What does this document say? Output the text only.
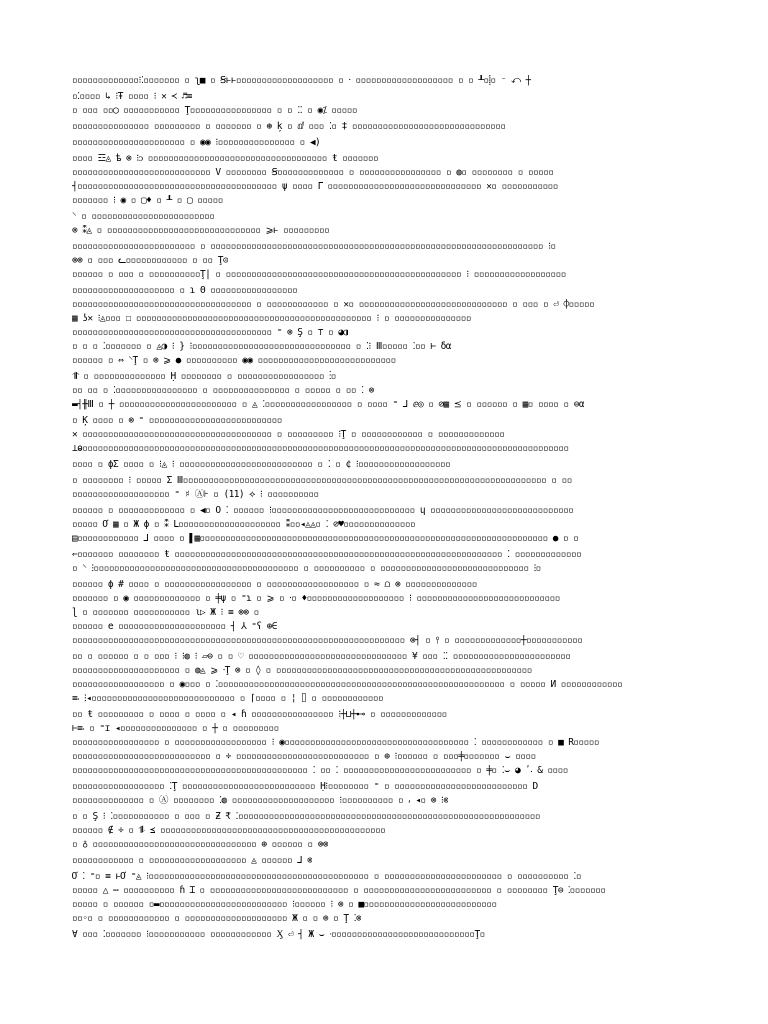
▫▫▫▫▫▫▫▫▫▫▫▫▫⁝⁚▫▫▫▫▫▫▫ ▫ ʅ■ ▫ Ꞩⱶⱶ▫▫▫▫▫▫▫▫▫▫▫▫▫▫▫▫▫▫▫ ▫ ⸱ ▫▫▫▫▫▫▫▫▫▫▫▫▫▫▫▫▫▫▫ ▫ ▫ ┸▫⸽▫ ⁻ ⤺ ┼
▫⁚▫▫▫▫ ↳ ⁝Ŧ ▫▫▫▫ ⁝ ✕ ≺ ♬≡
▫ ▫▫▫ ▫▫◯ ▫▫▫▫▫▫▫▫▫▫▫ Ţ▫▫▫▫▫▫▫▫▫▫▫▫▫▫▫▫ ▫ ▫ ⁚⁚ ▫ ◉⁒ ▫▫▫▫▫
▫▫▫▫▫▫▫▫▫▫▫▫▫▫▫ ▫▫▫▫▫▫▫▫▫ ▫ ▫▫▫▫▫▫▫ ▫ ⊛ ķ ▫ ⅆ ▫▫▫ ⁚▫ ‡ ▫▫▫▫▫▫▫▫▫▫▫▫▫▫▫▫▫▫▫▫▫▫▫▫▫▫▫▫▫▫
▫▫▫▫▫▫▫▫▫▫▫▫▫▫▫▫▫▫▫▫▫▫ ▫ ◉◉ ⁝▫▫▫▫▫▫▫▫▫▫▫▫▫▫▫ ▫ ◀)
▫▫▫▫ ☲◬ ѣ ⊗ ⁝ᴐ ▫▫▫▫▫▫▫▫▫▫▫▫▫▫▫▫▫▫▫▫▫▫▫▫▫▫▫▫▫▫▫▫▫▫▫ ŧ ▫▫▫▫▫▫▫
▫▫▫▫▫▫▫▫▫▫▫▫▫▫▫▫▫▫▫▫▫▫▫▫▫▫▫ V ▫▫▫▫▫▫▫▫ Ꞩ▫▫▫▫▫▫▫▫▫▫▫▫▫ ▫ ▫▫▫▫▫▫▫▫▫▫▫▫▫▫▫▫ ▫ ◍▫ ▫▫▫▫▫▫▫▫ ▫ ▫▫▫▫▫
┤▫▫▫▫▫▫▫▫▫▫▫▫▫▫▫▫▫▫▫▫▫▫▫▫▫▫▫▫▫▫▫▫▫▫▫▫▫▫▫ ψ ▫▫▫▫ ᒥ ▫▫▫▫▫▫▫▫▫▫▫▫▫▫▫▫▫▫▫▫▫▫▫▫▫▫▫▫▫▫ ✕▫ ▫▫▫▫▫▫▫▫▫▫▫
▫▫▫▫▫▫▫ ⁝ ◉ ▫ ▢♦ ▫ ┸ ▫ ▢ ▫▫▫▫▫
⸌ ▫ ▫▫▫▫▫▫▫▫▫▫▫▫▫▫▫▫▫▫▫▫▫▫▫▫
⊚ ⁑◬ ▫ ▫▫▫▫▫▫▫▫▫▫▫▫▫▫▫▫▫▫▫▫▫▫▫▫▫▫▫▫▫▫ ⩾ⱶ ▫▫▫▫▫▫▫▫▫
▫▫▫▫▫▫▫▫▫▫▫▫▫▫▫▫▫▫▫▫▫▫▫▫ ▫ ▫▫▫▫▫▫▫▫▫▫▫▫▫▫▫▫▫▫▫▫▫▫▫▫▫▫▫▫▫▫▫▫▫▫▫▫▫▫▫▫▫▫▫▫▫▫▫▫▫▫▫▫▫▫▫▫▫▫▫▫▫▫▫▫▫ ⁝▫
⊚⊚ ▫ ▫▫▫ ᓚ▫▫▫▫▫▫▫▫▫▫▫▫ ▫ ▫▫ Ţ⊝
▫▫▫▫▫▫ ▫ ▫▫▫ ▫ ▫▫▫▫▫▫▫▫▫▫Ţ| ▫ ▫▫▫▫▫▫▫▫▫▫▫▫▫▫▫▫▫▫▫▫▫▫▫▫▫▫▫▫▫▫▫▫▫▫▫▫▫▫▫▫▫▫▫▫▫▫ ⁝ ▫▫▫▫▫▫▫▫▫▫▫▫▫▫▫▫▫▫
▫▫▫▫▫▫▫▫▫▫▫▫▫▫▫▫▫▫▫▫ ▫ ɿ Θ ▫▫▫▫▫▫▫▫▫▫▫▫▫▫▫▫▫
▫▫▫▫▫▫▫▫▫▫▫▫▫▫▫▫▫▫▫▫▫▫▫▫▫▫▫▫▫▫▫▫▫▫▫ ▫ ▫▫▫▫▫▫▫▫▫▫▫▫ ▫ ✕▫ ▫▫▫▫▫▫▫▫▫▫▫▫▫▫▫▫▫▫▫▫▫▫▫▫▫▫▫▫▫ ▫ ▫▫▫ ▫ ⏎ ⌽▫▫▫▫▫
▦ ʖ✕ ⁝◬▫▫▫ ☐ ▫▫▫▫▫▫▫▫▫▫▫▫▫▫▫▫▫▫▫▫▫▫▫▫▫▫▫▫▫▫▫▫▫▫▫▫▫▫▫▫▫▫▫▫▫▫ ⁝ ▫ ▫▫▫▫▫▫▫▫▫▫▫▫▫▫▫
▫▫▫▫▫▫▫▫▫▫▫▫▫▫▫▫▫▫▫▫▫▫▫▫▫▫▫▫▫▫▫▫▫▫▫▫▫▫▫ ⁼ ⊗ Ş ▫ ⊤ ▫ ◕◑
▫ ▫ ▫ ⁚▫▫▫▫▫▫▫ ▫ ◬◑ ⁝ } ⁝▫▫▫▫▫▫▫▫▫▫▫▫▫▫▫▫▫▫▫▫▫▫▫▫▫▫▫▫▫▫▫ ▫ ⁚⁝ Ⅲ▫▫▫▫▫ ⁚▫▫ ⊢ δα
▫▫▫▫▫▫ ▫ ⇔ ⸌Ţ ▫ ⊚ ⩾ ● ▫▫▫▫▫▫▫▫▫▫ ◉◉ ▫▫▫▫▫▫▫▫▫▫▫▫▫▫▫▫▫▫▫▫▫▫▫▫▫▫▫
⥣ ▫ ▫▫▫▫▫▫▫▫▫▫▫▫▫▫ Ḥ ▫▫▫▫▫▫▫▫ ▫ ▫▫▫▫▫▫▫▫▫▫▫▫▫▫▫▫▫ ⁝▫
▫▫ ▫▫ ▫ ⁚▫▫▫▫▫▫▫▫▫▫▫▫▫▫▫▫ ▫ ▫▫▫▫▫▫▫▫▫▫▫▫▫▫▫ ▫ ▫▫▫▫▫ ▫ ▫▫ ⁚ ⊗
▬┤╫Ⅲ ▫ ┼ ▫▫▫▫▫▫▫▫▫▫▫▫▫▫▫▫▫▫▫▫▫▫▫ ▫ ◬ ⁚▫▫▫▫▫▫▫▫▫▫▫▫▫▫▫▫▫ ▫ ▫▫▫▫ ⁼ ⅃ ⅇ◎ ▫ ⊘▦ ⪯ ▫ ▫▫▫▫▫▫ ▫ ▦▫ ▫▫▫▫ ▫ ⊖α
▫ Ķ ▫▫▫▫ ▫ ⊗ ⁼ ▫▫▫▫▫▫▫▫▫▫▫▫▫▫▫▫▫▫▫▫▫▫▫▫▫▫
✕ ▫▫▫▫▫▫▫▫▫▫▫▫▫▫▫▫▫▫▫▫▫▫▫▫▫▫▫▫▫▫▫▫▫▫▫▫▫ ▫ ▫▫▫▫▫▫▫▫▫ ⁝Ţ ▫ ▫▫▫▫▫▫▫▫▫▫▫▫ ▫ ▫▫▫▫▫▫▫▫▫▫▫▫▫
⊥ⱺ▫▫▫▫▫▫▫▫▫▫▫▫▫▫▫▫▫▫▫▫▫▫▫▫▫▫▫▫▫▫▫▫▫▫▫▫▫▫▫▫▫▫▫▫▫▫▫▫▫▫▫▫▫▫▫▫▫▫▫▫▫▫▫▫▫▫▫▫▫▫▫▫▫▫▫▫▫▫▫▫▫▫▫▫▫▫▫▫▫▫▫▫▫▫▫
▫▫▫▫ ▫ ϕΣ ▫▫▫▫ ▫ ⁝◬ ⁝ ▫▫▫▫▫▫▫▫▫▫▫▫▫▫▫▫▫▫▫▫▫▫▫▫▫▫ ▫ ⁚ ▫ ¢ ⁝▫▫▫▫▫▫▫▫▫▫▫▫▫▫▫▫▫▫
▫ ▫▫▫▫▫▫▫▫ ⁝ ▫▫▫▫▫ Σ Ⅲ▫▫▫▫▫▫▫▫▫▫▫▫▫▫▫▫▫▫▫▫▫▫▫▫▫▫▫▫▫▫▫▫▫▫▫▫▫▫▫▫▫▫▫▫▫▫▫▫▫▫▫▫▫▫▫▫▫▫▫▫▫▫▫▫▫▫▫▫▫▫▫ ▫ ▫▫
▫▫▫▫▫▫▫▫▫▫▫▫▫▫▫▫▫▫▫ ⁼ ♯ Ⓐ⊦ ▫ (11) ⟡ ⁝ ▫▫▫▫▫▫▫▫▫▫
▫▫▫▫▫▫ ▫ ▫▫▫▫▫▫▫▫▫▫▫▫▫ ▫ ◀▫ Ö ⁚ ▫▫▫▫▫▫ ⁝▫▫▫▫▫▫▫▫▫▫▫▫▫▫▫▫▫▫▫▫▫▫▫▫▫▫▫▫ ɥ ▫▫▫▫▫▫▫▫▫▫▫▫▫▫▫▫▫▫▫▫▫▫▫▫▫▫▫▫
▫▫▫▫▫ Ơ ▦ ▫ Ж ϕ ▫ ⁑ ᒪ▫▫▫▫▫▫▫▫▫▫▫▫▫▫▫▫▫▫▫▫ ⁑▫▫◂◬◬▫ ⁚ ⊘♥▫▫▫▫▫▫▫▫▫▫▫▫▫▫
▤▫▫▫▫▫▫▫▫▫▫▫▫ ⅃ ▫▫▫▫ ▫ ▌▦▫▫▫▫▫▫▫▫▫▫▫▫▫▫▫▫▫▫▫▫▫▫▫▫▫▫▫▫▫▫▫▫▫▫▫▫▫▫▫▫▫▫▫▫▫▫▫▫▫▫▫▫▫▫▫▫▫▫▫▫▫▫▫▫▫▫▫▫ ● ▫ ▫
⇐▫▫▫▫▫▫▫ ▫▫▫▫▫▫▫▫ ŧ ▫▫▫▫▫▫▫▫▫▫▫▫▫▫▫▫▫▫▫▫▫▫▫▫▫▫▫▫▫▫▫▫▫▫▫▫▫▫▫▫▫▫▫▫▫▫▫▫▫▫▫▫▫▫▫▫▫▫▫▫▫▫▫▫ ⁚ ▫▫▫▫▫▫▫▫▫▫▫▫▫
▫ ⸌ ⁝▫▫▫▫▫▫▫▫▫▫▫▫▫▫▫▫▫▫▫▫▫▫▫▫▫▫▫▫▫▫▫▫▫▫▫▫▫▫▫▫ ▫ ▫▫▫▫▫▫▫▫▫▫ ▫ ▫▫▫▫▫▫▫▫▫▫▫▫▫▫▫▫▫▫▫▫▫▫▫▫▫▫▫▫▫ ⁝▫
▫▫▫▫▫▫ ϕ # ▫▫▫▫ ▫ ▫▫▫▫▫▫▫▫▫▫▫▫▫▫▫▫▫ ▫ ▫▫▫▫▫▫▫▫▫▫▫▫▫▫▫▫▫▫ ▫ ≈ ⩍ ⊗ ▫▫▫▫▫▫▫▫▫▫▫▫▫▫
▫▫▫▫▫▫▫ ▫ ◉ ▫▫▫▫▫▫▫▫▫▫▫▫▫ ▫ ╪ψ ▫ ⁼ɿ ▫ ⩾ ▫ ⸱▫ ♦▫▫▫▫▫▫▫▫▫▫▫▫▫▫▫▫▫▫▫ ⁝ ▫▫▫▫▫▫▫▫▫▫▫▫▫▫▫▫▫▫▫▫▫▫▫▫▫▫▫▫
ɭ ▫ ▫▫▫▫▫▫▫ ▫▫▫▫▫▫▫▫▫▫▫ ι▷ Ж ⁝ ≡ ⊗⊗ ▫
▫▫▫▫▫▫ e ▫▫▫▫▫▫▫▫▫▫▫▫▫▫▫▫▫▫▫▫▫ ┤ ⅄ ⁼ʕ ⊕∈
▫▫▫▫▫▫▫▫▫▫▫▫▫▫▫▫▫▫▫▫▫▫▫▫▫▫▫▫▫▫▫▫▫▫▫▫▫▫▫▫▫▫▫▫▫▫▫▫▫▫▫▫▫▫▫▫▫▫▫▫▫▫▫▫▫ ⊗┤ ▫ ⫯ ▫ ▫▫▫▫▫▫▫▫▫▫▫▫▫┼▫▫▫▫▫▫▫▫▫▫▫
▫▫ ▫ ▫▫▫▫▫▫ ▫ ▫ ▫▫▫ ⁝ ⁝◍ ⁝ ▱⊖ ▫ ▫ ♡ ▫▫▫▫▫▫▫▫▫▫▫▫▫▫▫▫▫▫▫▫▫▫▫▫▫▫▫▫▫▫▫ ¥ ▫▫▫ ⁚⁚ ▫▫▫▫▫▫▫▫▫▫▫▫▫▫▫▫▫▫▫▫▫▫▫
▫▫▫▫▫▫▫▫▫▫▫▫▫▫▫▫▫▫▫▫▫ ▫ ◍◬ ⩾ ⸱Ţ ⊗ ▫ ◊ ▫ ▫▫▫▫▫▫▫▫▫▫▫▫▫▫▫▫▫▫▫▫▫▫▫▫▫▫▫▫▫▫▫▫▫▫▫▫▫▫▫▫▫▫▫▫▫▫▫▫▫▫
▫▫▫▫▫▫▫▫▫▫▫▫▫▫▫▫▫▫ ▫ ◉▫▫▫ ▫ ⁚▫▫▫▫▫▫▫▫▫▫▫▫▫▫▫▫▫▫▫▫▫▫▫▫▫▫▫▫▫▫▫▫▫▫▫▫▫▫▫▫▫▫▫▫▫▫▫▫▫▫▫▫▫▫▫▫ ▫ ▫▫▫▫▫ И ▫▫▫▫▫▫▫▫▫▫▫▫
≡⸳ ⁝◂▫▫▫▫▫▫▫▫▫▫▫▫▫▫▫▫▫▫▫▫▫▫▫▫▫▫▫▫ ▫ ⌈▫▫▫▫ ▫ ¦ ⌷ ▫ ▫▫▫▫▫▫▫▫▫▫▫▫
▫▫ ŧ ▫▫▫▫▫▫▫▫▫ ▫ ▫▫▫▫ ▫ ▫▫▫▫ ▫ ◂ ɦ ▫▫▫▫▫▫▫▫▫▫▫▫▫▫▫▫ ⁝┼⊔┼⊷ ▫ ▫▫▫▫▫▫▫▫▫▫▫▫▫
⊢≡⸳ ▫ ⁼ɪ ◂▫▫▫▫▫▫▫▫▫▫▫▫▫▫▫ ▫ ┼ ▫ ▫▫▫▫▫▫▫▫▫
▫▫▫▫▫▫▫▫▫▫▫▫▫▫▫▫▫ ▫ ▫▫▫▫▫▫▫▫▫▫▫▫▫▫▫▫▫▫ ⁝ ◉▫▫▫▫▫▫▫▫▫▫▫▫▫▫▫▫▫▫▫▫▫▫▫▫▫▫▫▫▫▫▫▫▫▫▫▫ ⁚ ▫▫▫▫▫▫▫▫▫▫▫▫ ▫ ■ R▫▫▫▫▫
▫▫▫▫▫▫▫▫▫▫▫▫▫▫▫▫▫▫▫▫▫▫▫▫▫▫▫ ▫ ÷ ▫▫▫▫▫▫▫▫▫▫▫▫▫▫▫▫▫▫▫▫▫▫▫▫▫▫ ▫ ⊕ ⁝▫▫▫▫▫▫ ▫ ▫▫▫╪▫▫▫▫▫▫▫ ⌣ ▫▫▫▫
▫▫▫▫▫▫▫▫▫▫▫▫▫▫▫▫▫▫▫▫▫▫▫▫▫▫▫▫▫▫▫▫▫▫▫▫▫▫▫▫▫▫▫▫▫▫ ⁚ ▫▫ ⁚ ▫▫▫▫▫▫▫▫▫▫▫▫▫▫▫▫▫▫▫▫▫▫▫▫▫ ▫ ╪▫ ⁚⌣ ◕ ʹ⸳ & ▫▫▫▫
▫▫▫▫▫▫▫▫▫▫▫▫▫▫▫▫▫▫ ⁚Ţ ▫▫▫▫▫▫▫▫▫▫▫▫▫▫▫▫▫▫▫▫▫▫▫▫▫▫ Ḥ⁝▫▫▫▫▫▫▫▫ ⁼ ▫ ▫▫▫▫▫▫▫▫▫▫▫▫▫▫▫▫▫▫▫▫▫▫▫▫▫▫ D
▫▫▫▫▫▫▫▫▫▫▫▫▫▫ ▫ Ⓐ ▫▫▫▫▫▫▫▫ ⁚◍ ▫▫▫▫▫▫▫▫▫▫▫▫▫▫▫▫▫▫▫▫ ⁝▫▫▫▫▫▫▫▫▫▫ ▫ ⸴ ◂▫ ⊗ ⁝⊗
▫ ▫ Ş ⁝ ⁚▫▫▫▫▫▫▫▫▫▫▫ ▫ ▫▫▫ ▫ Ƶ ₹ ⁚▫▫▫▫▫▫▫▫▫▫▫▫▫▫▫▫▫▫▫▫▫▫▫▫▫▫▫▫▫▫▫▫▫▫▫▫▫▫▫▫▫▫▫▫▫▫▫▫▫▫▫▫▫▫▫▫▫▫▫
▫▫▫▫▫▫ ∉ ÷ ▫ ⥮ ⪯ ▫▫▫▫▫▫▫▫▫▫▫▫▫▫▫▫▫▫▫▫▫▫▫▫▫▫▫▫▫▫▫▫▫▫▫▫▫▫▫▫▫▫▫▫
▫ ♁ ▫▫▫▫▫▫▫▫▫▫▫▫▫▫▫▫▫▫▫▫▫▫▫▫▫▫▫▫▫▫▫▫ ⊕ ▫▫▫▫▫▫ ▫ ⊗⊗
▫▫▫▫▫▫▫▫▫▫▫▫ ▫ ▫▫▫▫▫▫▫▫▫▫▫▫▫▫▫▫▫▫▫ ◬ ▫▫▫▫▫▫ ⅃ ⊗
Ơ ⁚ ⁼▫ ≡ ⱶƠ ⁼◬ ⁝▫▫▫▫▫▫▫▫▫▫▫▫▫▫▫▫▫▫▫▫▫▫▫▫▫▫▫▫▫▫▫▫▫▫▫▫▫▫▫▫▫▫▫ ▫ ▫▫▫▫▫▫▫▫▫▫▫▫▫▫▫▫▫▫▫▫▫▫▫ ▫ ▫▫▫▫▫▫▫▫▫▫ ⁚▫
▫▫▫▫▫ △ ⋯ ▫▫▫▫▫▫▫▫▫▫ ɦ Ɪ ▫ ▫▫▫▫▫▫▫▫▫▫▫▫▫▫▫▫▫▫▫▫▫▫▫▫▫▫▫ ▫ ▫▫▫▫▫▫▫▫▫▫▫▫▫▫▫▫▫▫▫▫▫▫▫▫▫ ▫ ▫▫▫▫▫▫▫▫ Ţ⊖ ⁚▫▫▫▫▫▫▫
▫▫▫▫▫ ▫ ▫▫▫▫▫▫ ▫▬▫▫▫▫▫▫▫▫▫▫▫▫▫▫▫▫▫▫▫▫▫▫▫▫▫ ⁝▫▫▫▫▫▫ ⁝ ⊗ ▫ ■▫▫▫▫▫▫▫▫▫▫▫▫▫▫▫▫▫▫▫▫▫▫▫▫▫▫
▫▫◦▫ ▫ ▫▫▫▫▫▫▫▫▫▫▫▫ ▫ ▫▫▫▫▫▫▫▫▫▫▫▫▫▫▫▫▫▫▫▫ Ж ▫ ▫ ⊚ ▫ Ţ ⁚⊗
∀ ▫▫▫ ⁚▫▫▫▫▫▫▫ ⁝▫▫▫▫▫▫▫▫▫▫▫ ▫▫▫▫▫▫▫▫▫▫▫▫ Ӽ ⏎ ┤ Ж ⌣ ⸱▫▫▫▫▫▫▫▫▫▫▫▫▫▫▫▫▫▫▫▫▫▫▫▫▫▫▫▫Ţ▫
